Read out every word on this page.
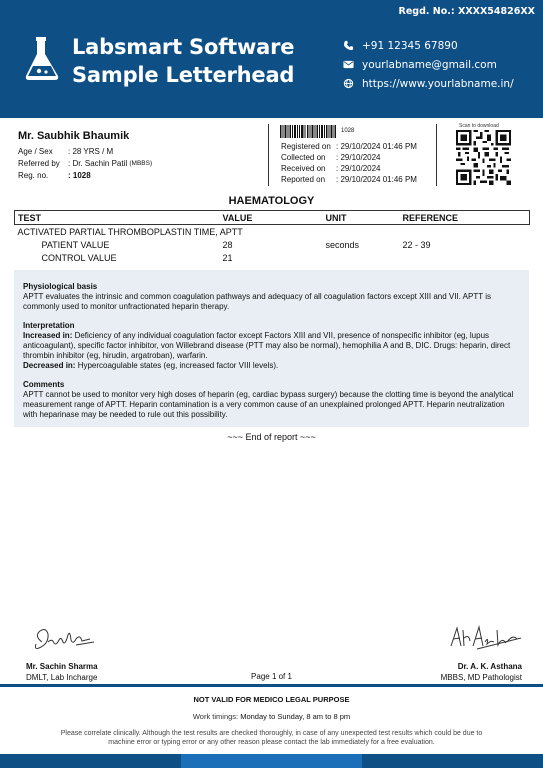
Regd. No.: XXXX54826XX
Labsmart Software
Sample Letterhead
+91 12345 67890
yourlabname@gmail.com
https://www.yourlabname.in/
Mr. Saubhik Bhaumik
Age / Sex	: 28 YRS / M
Referred by	: Dr. Sachin Patil
(MBBS)
Reg. no.	: 1028
1028
Registered on : 29/10/2024 01:46 PM
Collected on	: 29/10/2024
Received on	: 29/10/2024
Reported on	: 29/10/2024 01:46 PM
Scan to download
HAEMATOLOGY
TEST	VALUE	UNIT	REFERENCE
ACTIVATED PARTIAL THROMBOPLASTIN TIME, APTT			
PATIENT VALUE	28	seconds	22 - 39
CONTROL VALUE	21		

Physiological basis

APTT evaluates the intrinsic and common coagulation pathways and adequacy of all coagulation factors except XIII and VII. APTT is commonly used to monitor unfractionated heparin therapy.

Interpretation

Increased in: Deficiency of any individual coagulation factor except Factors XIII and VII, presence of nonspecific inhibitor (eg, lupus anticoagulant), specific factor inhibitor, von Willebrand disease (PTT may also be normal), hemophilia A and B, DIC. Drugs: heparin, direct thrombin inhibitor (eg, hirudin, argatroban), warfarin.

Decreased in: Hypercoagulable states (eg, increased factor VIII levels).

Comments

APTT cannot be used to monitor very high doses of heparin (eg, cardiac bypass surgery) because the clotting time is beyond the analytical measurement range of APTT. Heparin contamination is a very common cause of an unexplained prolonged APTT. Heparin neutralization with heparinase may be needed to rule out this possibility.

~~~ End of report ~~~
Mr. Sachin Sharma
DMLT, Lab Incharge	Page 1 of 1
Dr. A. K. Asthana
MBBS, MD Pathologist
NOT VALID FOR MEDICO LEGAL PURPOSE
Work timings: Monday to Sunday, 8 am to 8 pm
Please correlate clinically. Although the test results are checked thoroughly, in case of any unexpected test results which could be due to machine error or typing error or any other reason please contact the lab immediately for a free evaluation.
